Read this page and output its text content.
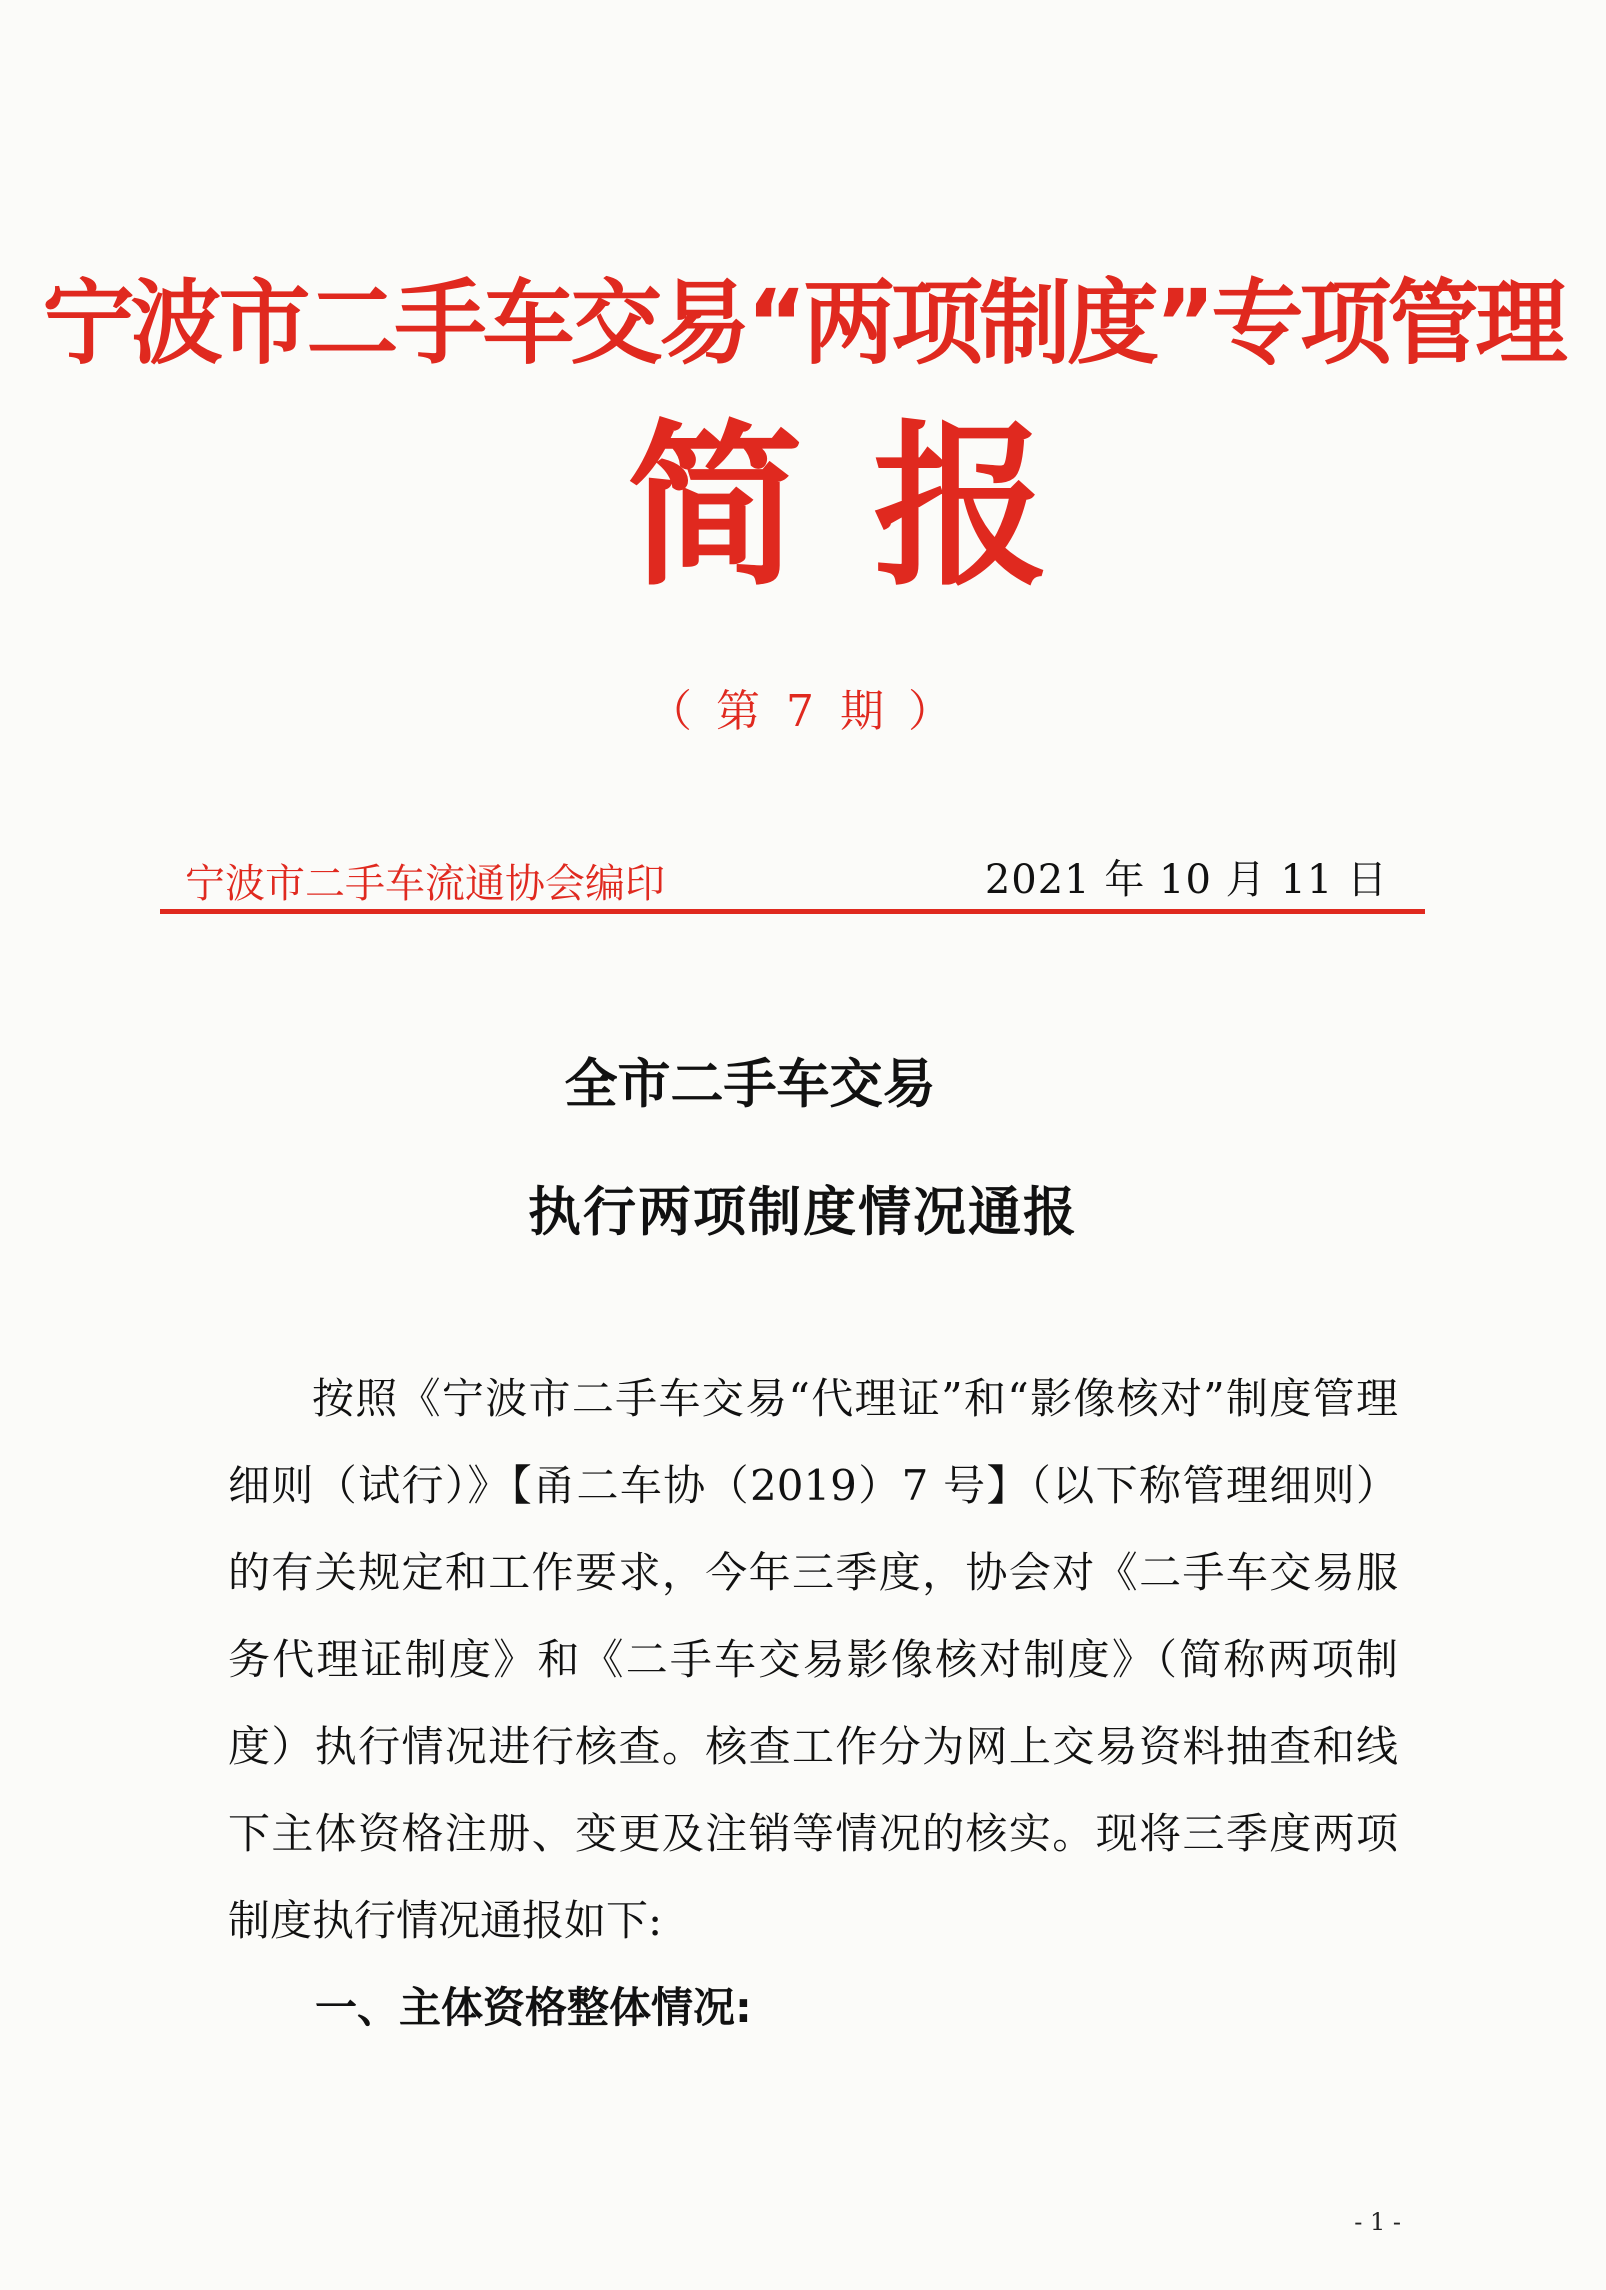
宁波市二手车交易“两项制度”专项管理
简报
（ 第 7 期 ）
宁波市二手车流通协会编印	2021 年 10 月 11 日
全市二手车交易
执行两项制度情况通报
按照《宁波市二手车交易“代理证”和“影像核对”制度管理细则（试行）》【甬二车协（2019）7 号】（以下称管理细则）的有关规定和工作要求，今年三季度，协会对《二手车交易服务代理证制度》和《二手车交易影像核对制度》（简称两项制度）执行情况进行核查。核查工作分为网上交易资料抽查和线下主体资格注册、变更及注销等情况的核实。现将三季度两项制度执行情况通报如下:
一、主体资格整体情况:
- 1 -
